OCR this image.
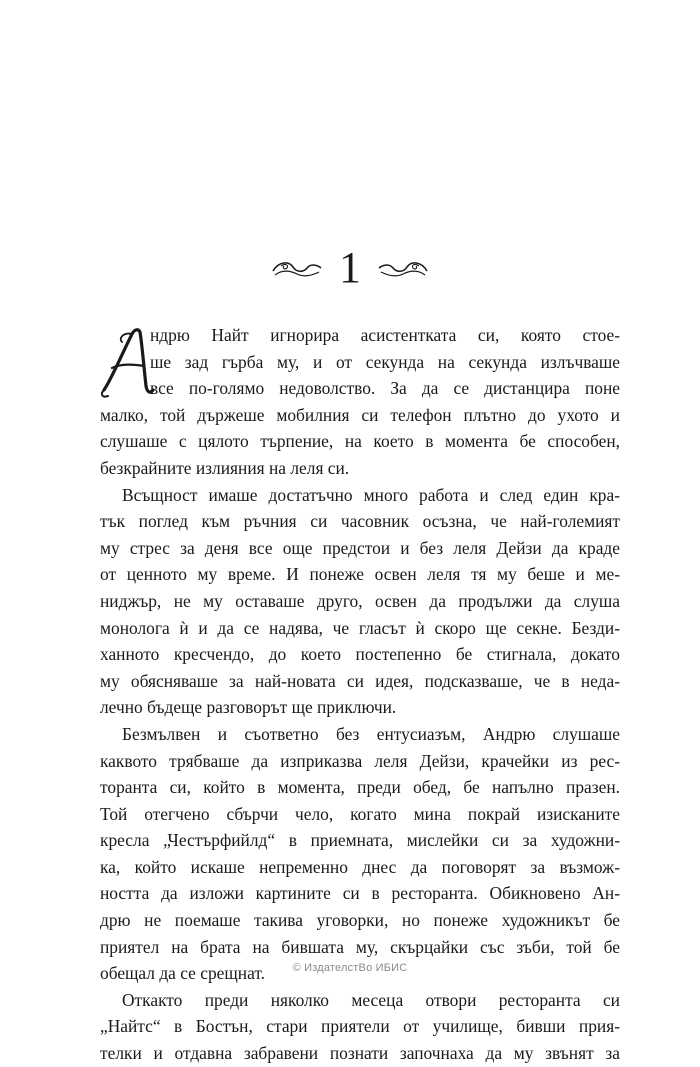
1
ндрю Найт игнорира асистентката си, която стое-
ше зад гърба му, и от секунда на секунда излъчваше
все по-голямо недоволство. За да се дистанцира поне
малко, той държеше мобилния си телефон плътно до ухото и
слушаше с цялото търпение, на което в момента бе способен,
безкрайните излияния на леля си.
Всъщност имаше достатъчно много работа и след един кра-
тък поглед към ръчния си часовник осъзна, че най-големият
му стрес за деня все още предстои и без леля Дейзи да краде
от ценното му време. И понеже освен леля тя му беше и ме-
ниджър, не му оставаше друго, освен да продължи да слуша
монолога ѝ и да се надява, че гласът ѝ скоро ще секне. Безди-
ханното кресчендо, до което постепенно бе стигнала, докато
му обясняваше за най-новата си идея, подсказваше, че в неда-
лечно бъдеще разговорът ще приключи.
Безмълвен и съответно без ентусиазъм, Андрю слушаше
каквото трябваше да изприказва леля Дейзи, крачейки из рес-
торанта си, който в момента, преди обед, бе напълно празен.
Той отегчено сбърчи чело, когато мина покрай изисканите
кресла „Честърфийлд“ в приемната, мислейки си за художни-
ка, който искаше непременно днес да поговорят за възмож-
ността да изложи картините си в ресторанта. Обикновено Ан-
дрю не поемаше такива уговорки, но понеже художникът бе
приятел на брата на бившата му, скърцайки със зъби, той бе
обещал да се срещнат.
Откакто преди няколко месеца отвори ресторанта си
„Найтс“ в Бостън, стари приятели от училище, бивши прия-
телки и отдавна забравени познати започнаха да му звънят за
© ИздателстВо ИБИС
